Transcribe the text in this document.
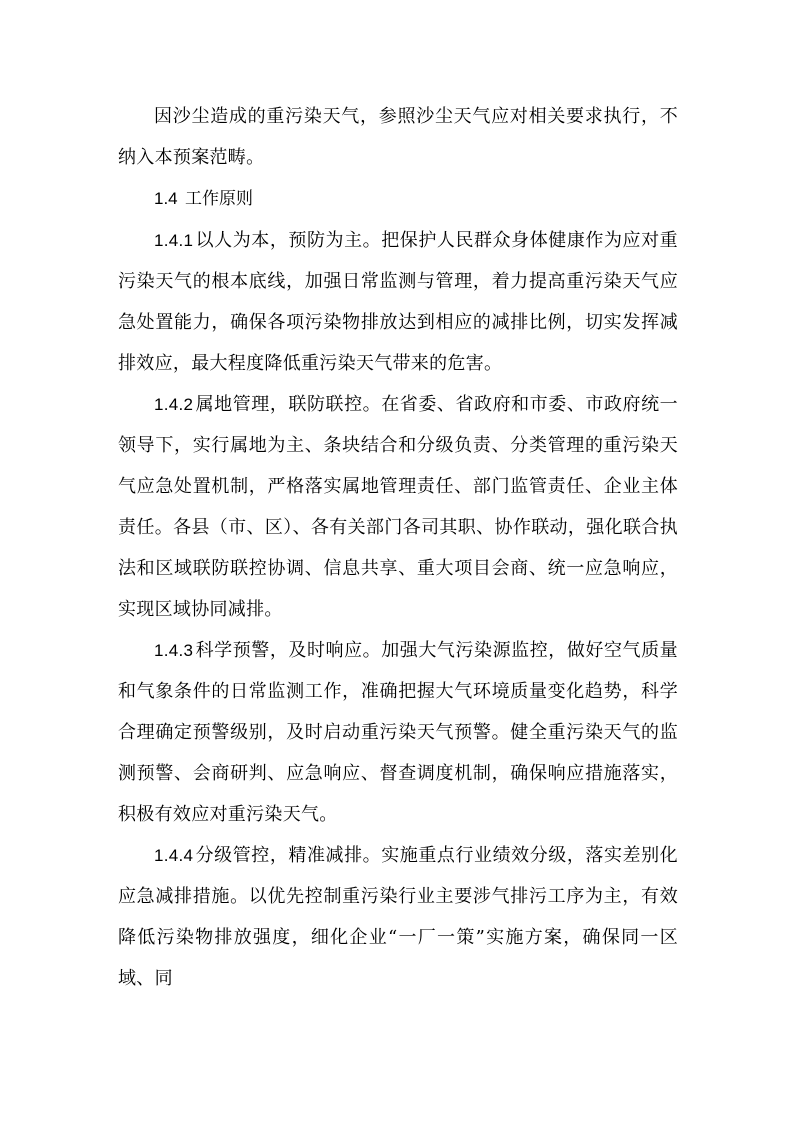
因沙尘造成的重污染天气，参照沙尘天气应对相关要求执行，不纳入本预案范畴。

1.4 工作原则

1.4.1 以人为本，预防为主。把保护人民群众身体健康作为应对重污染天气的根本底线，加强日常监测与管理，着力提高重污染天气应急处置能力，确保各项污染物排放达到相应的减排比例，切实发挥减排效应，最大程度降低重污染天气带来的危害。

1.4.2 属地管理，联防联控。在省委、省政府和市委、市政府统一领导下，实行属地为主、条块结合和分级负责、分类管理的重污染天气应急处置机制，严格落实属地管理责任、部门监管责任、企业主体责任。各县（市、区）、各有关部门各司其职、协作联动，强化联合执法和区域联防联控协调、信息共享、重大项目会商、统一应急响应，实现区域协同减排。

1.4.3 科学预警，及时响应。加强大气污染源监控，做好空气质量和气象条件的日常监测工作，准确把握大气环境质量变化趋势，科学合理确定预警级别，及时启动重污染天气预警。健全重污染天气的监测预警、会商研判、应急响应、督查调度机制，确保响应措施落实，积极有效应对重污染天气。

1.4.4 分级管控，精准减排。实施重点行业绩效分级，落实差别化应急减排措施。以优先控制重污染行业主要涉气排污工序为主，有效降低污染物排放强度，细化企业“一厂一策”实施方案，确保同一区域、同
